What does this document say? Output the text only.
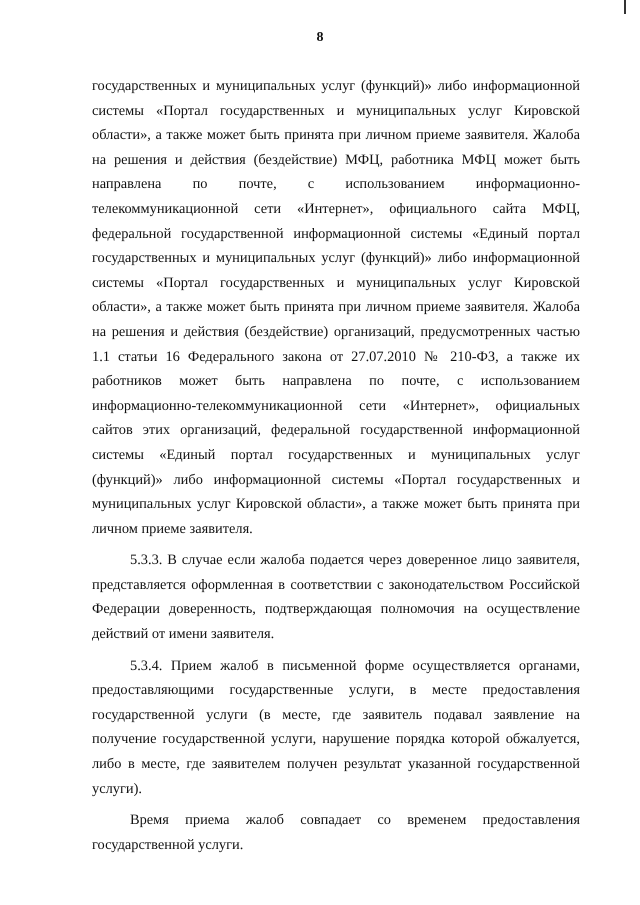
8

государственных и муниципальных услуг (функций)» либо информационной системы «Портал государственных и муниципальных услуг Кировской области», а также может быть принята при личном приеме заявителя. Жалоба на решения и действия (бездействие) МФЦ, работника МФЦ может быть направлена по почте, с использованием информационно-телекоммуникационной сети «Интернет», официального сайта МФЦ, федеральной государственной информационной системы «Единый портал государственных и муниципальных услуг (функций)» либо информационной системы «Портал государственных и муниципальных услуг Кировской области», а также может быть принята при личном приеме заявителя. Жалоба на решения и действия (бездействие) организаций, предусмотренных частью 1.1 статьи 16 Федерального закона от 27.07.2010 № 210-ФЗ, а также их работников может быть направлена по почте, с использованием информационно-телекоммуникационной сети «Интернет», официальных сайтов этих организаций, федеральной государственной информационной системы «Единый портал государственных и муниципальных услуг (функций)» либо информационной системы «Портал государственных и муниципальных услуг Кировской области», а также может быть принята при личном приеме заявителя.

5.3.3. В случае если жалоба подается через доверенное лицо заявителя, представляется оформленная в соответствии с законодательством Российской Федерации доверенность, подтверждающая полномочия на осуществление действий от имени заявителя.

5.3.4. Прием жалоб в письменной форме осуществляется органами, предоставляющими государственные услуги, в месте предоставления государственной услуги (в месте, где заявитель подавал заявление на получение государственной услуги, нарушение порядка которой обжалуется, либо в месте, где заявителем получен результат указанной государственной услуги).

Время приема жалоб совпадает со временем предоставления государственной услуги.
